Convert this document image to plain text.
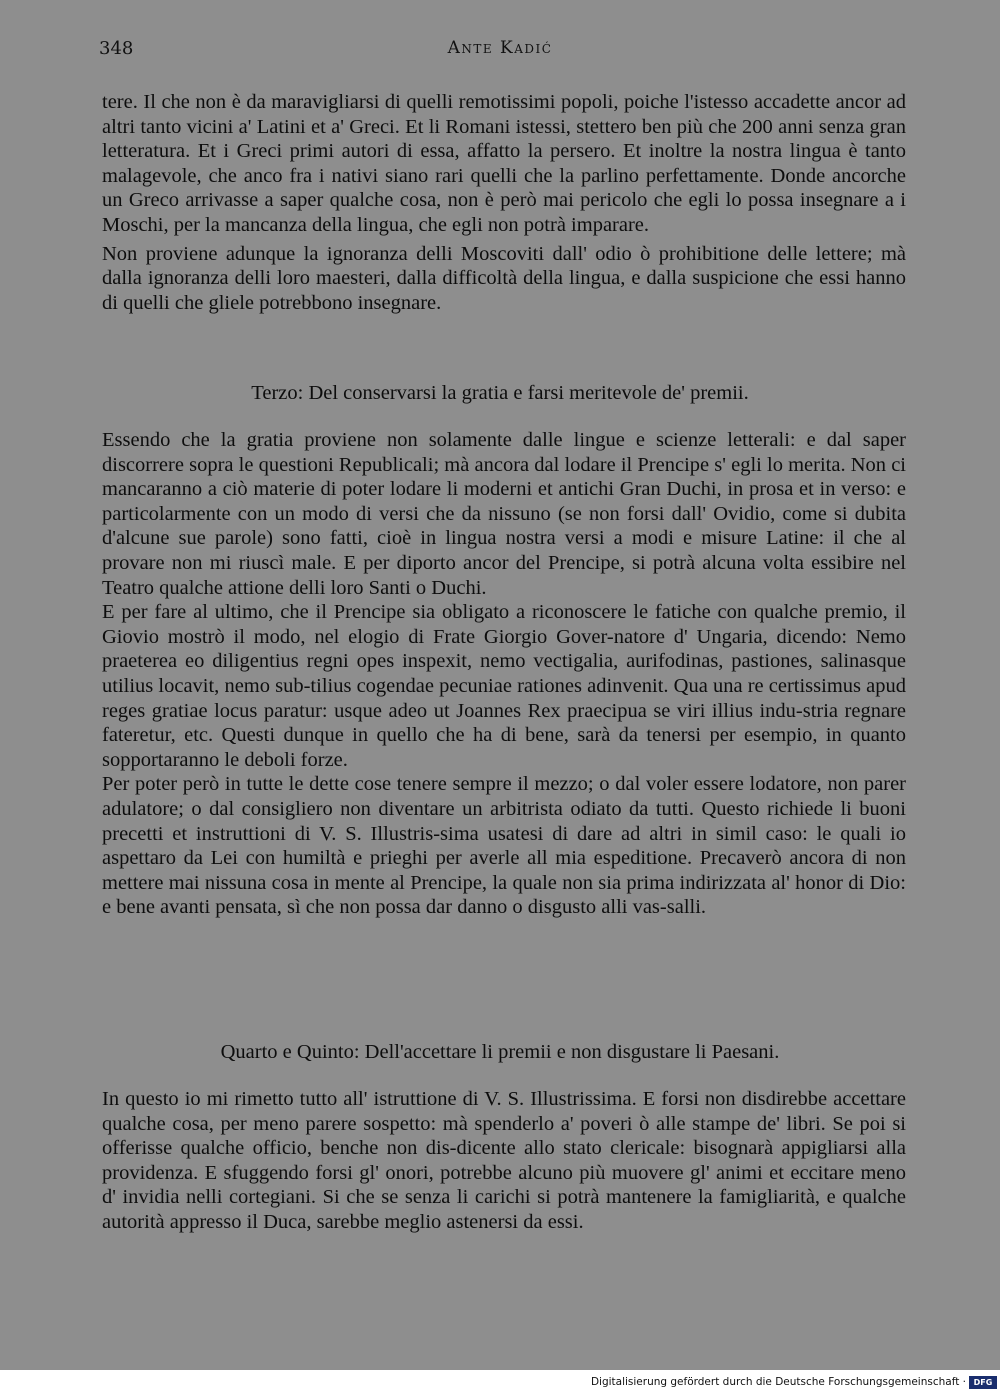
348	Ante Kadić

tere. Il che non è da maravigliarsi di quelli remotissimi popoli, poiche l'istesso accadette ancor ad altri tanto vicini a' Latini et a' Greci. Et li Romani istessi, stettero ben più che 200 anni senza gran letteratura. Et i Greci primi autori di essa, affatto la persero. Et inoltre la nostra lingua è tanto malagevole, che anco fra i nativi siano rari quelli che la parlino perfettamente. Donde ancorche un Greco arrivasse a saper qualche cosa, non è però mai pericolo che egli lo possa insegnare a i Moschi, per la mancanza della lingua, che egli non potrà imparare.

Non proviene adunque la ignoranza delli Moscoviti dall' odio ò prohibitione delle lettere; mà dalla ignoranza delli loro maesteri, dalla difficoltà della lingua, e dalla suspicione che essi hanno di quelli che gliele potrebbono insegnare.

Terzo: Del conservarsi la gratia e farsi meritevole de' premii.

Essendo che la gratia proviene non solamente dalle lingue e scienze letterali: e dal saper discorrere sopra le questioni Republicali; mà ancora dal lodare il Prencipe s' egli lo merita. Non ci mancaranno a ciò materie di poter lodare li moderni et antichi Gran Duchi, in prosa et in verso: e particolarmente con un modo di versi che da nissuno (se non forsi dall' Ovidio, come si dubita d'alcune sue parole) sono fatti, cioè in lingua nostra versi a modi e misure Latine: il che al provare non mi riuscì male. E per diporto ancor del Prencipe, si potrà alcuna volta essibire nel Teatro qualche attione delli loro Santi o Duchi.

E per fare al ultimo, che il Prencipe sia obligato a riconoscere le fatiche con qualche premio, il Giovio mostrò il modo, nel elogio di Frate Giorgio Gover-natore d' Ungaria, dicendo: Nemo praeterea eo diligentius regni opes inspexit, nemo vectigalia, aurifodinas, pastiones, salinasque utilius locavit, nemo sub-tilius cogendae pecuniae rationes adinvenit. Qua una re certissimus apud reges gratiae locus paratur: usque adeo ut Joannes Rex praecipua se viri illius indu-stria regnare fateretur, etc. Questi dunque in quello che ha di bene, sarà da tenersi per esempio, in quanto sopportaranno le deboli forze.

Per poter però in tutte le dette cose tenere sempre il mezzo; o dal voler essere lodatore, non parer adulatore; o dal consigliero non diventare un arbitrista odiato da tutti. Questo richiede li buoni precetti et instruttioni di V. S. Illustris-sima usatesi di dare ad altri in simil caso: le quali io aspettaro da Lei con humiltà e prieghi per averle all mia espeditione. Precaverò ancora di non mettere mai nissuna cosa in mente al Prencipe, la quale non sia prima indirizzata al' honor di Dio: e bene avanti pensata, sì che non possa dar danno o disgusto alli vas-salli.

Quarto e Quinto: Dell'accettare li premii e non disgustare li Paesani.

In questo io mi rimetto tutto all' istruttione di V. S. Illustrissima. E forsi non disdirebbe accettare qualche cosa, per meno parere sospetto: mà spenderlo a' poveri ò alle stampe de' libri. Se poi si offerisse qualche officio, benche non dis-dicente allo stato clericale: bisognarà appigliarsi alla providenza. E sfuggendo forsi gl' onori, potrebbe alcuno più muovere gl' animi et eccitare meno d' invidia nelli cortegiani. Si che se senza li carichi si potrà mantenere la famigliarità, e qualche autorità appresso il Duca, sarebbe meglio astenersi da essi.

Digitalisierung gefördert durch die Deutsche Forschungsgemeinschaft · DFG
